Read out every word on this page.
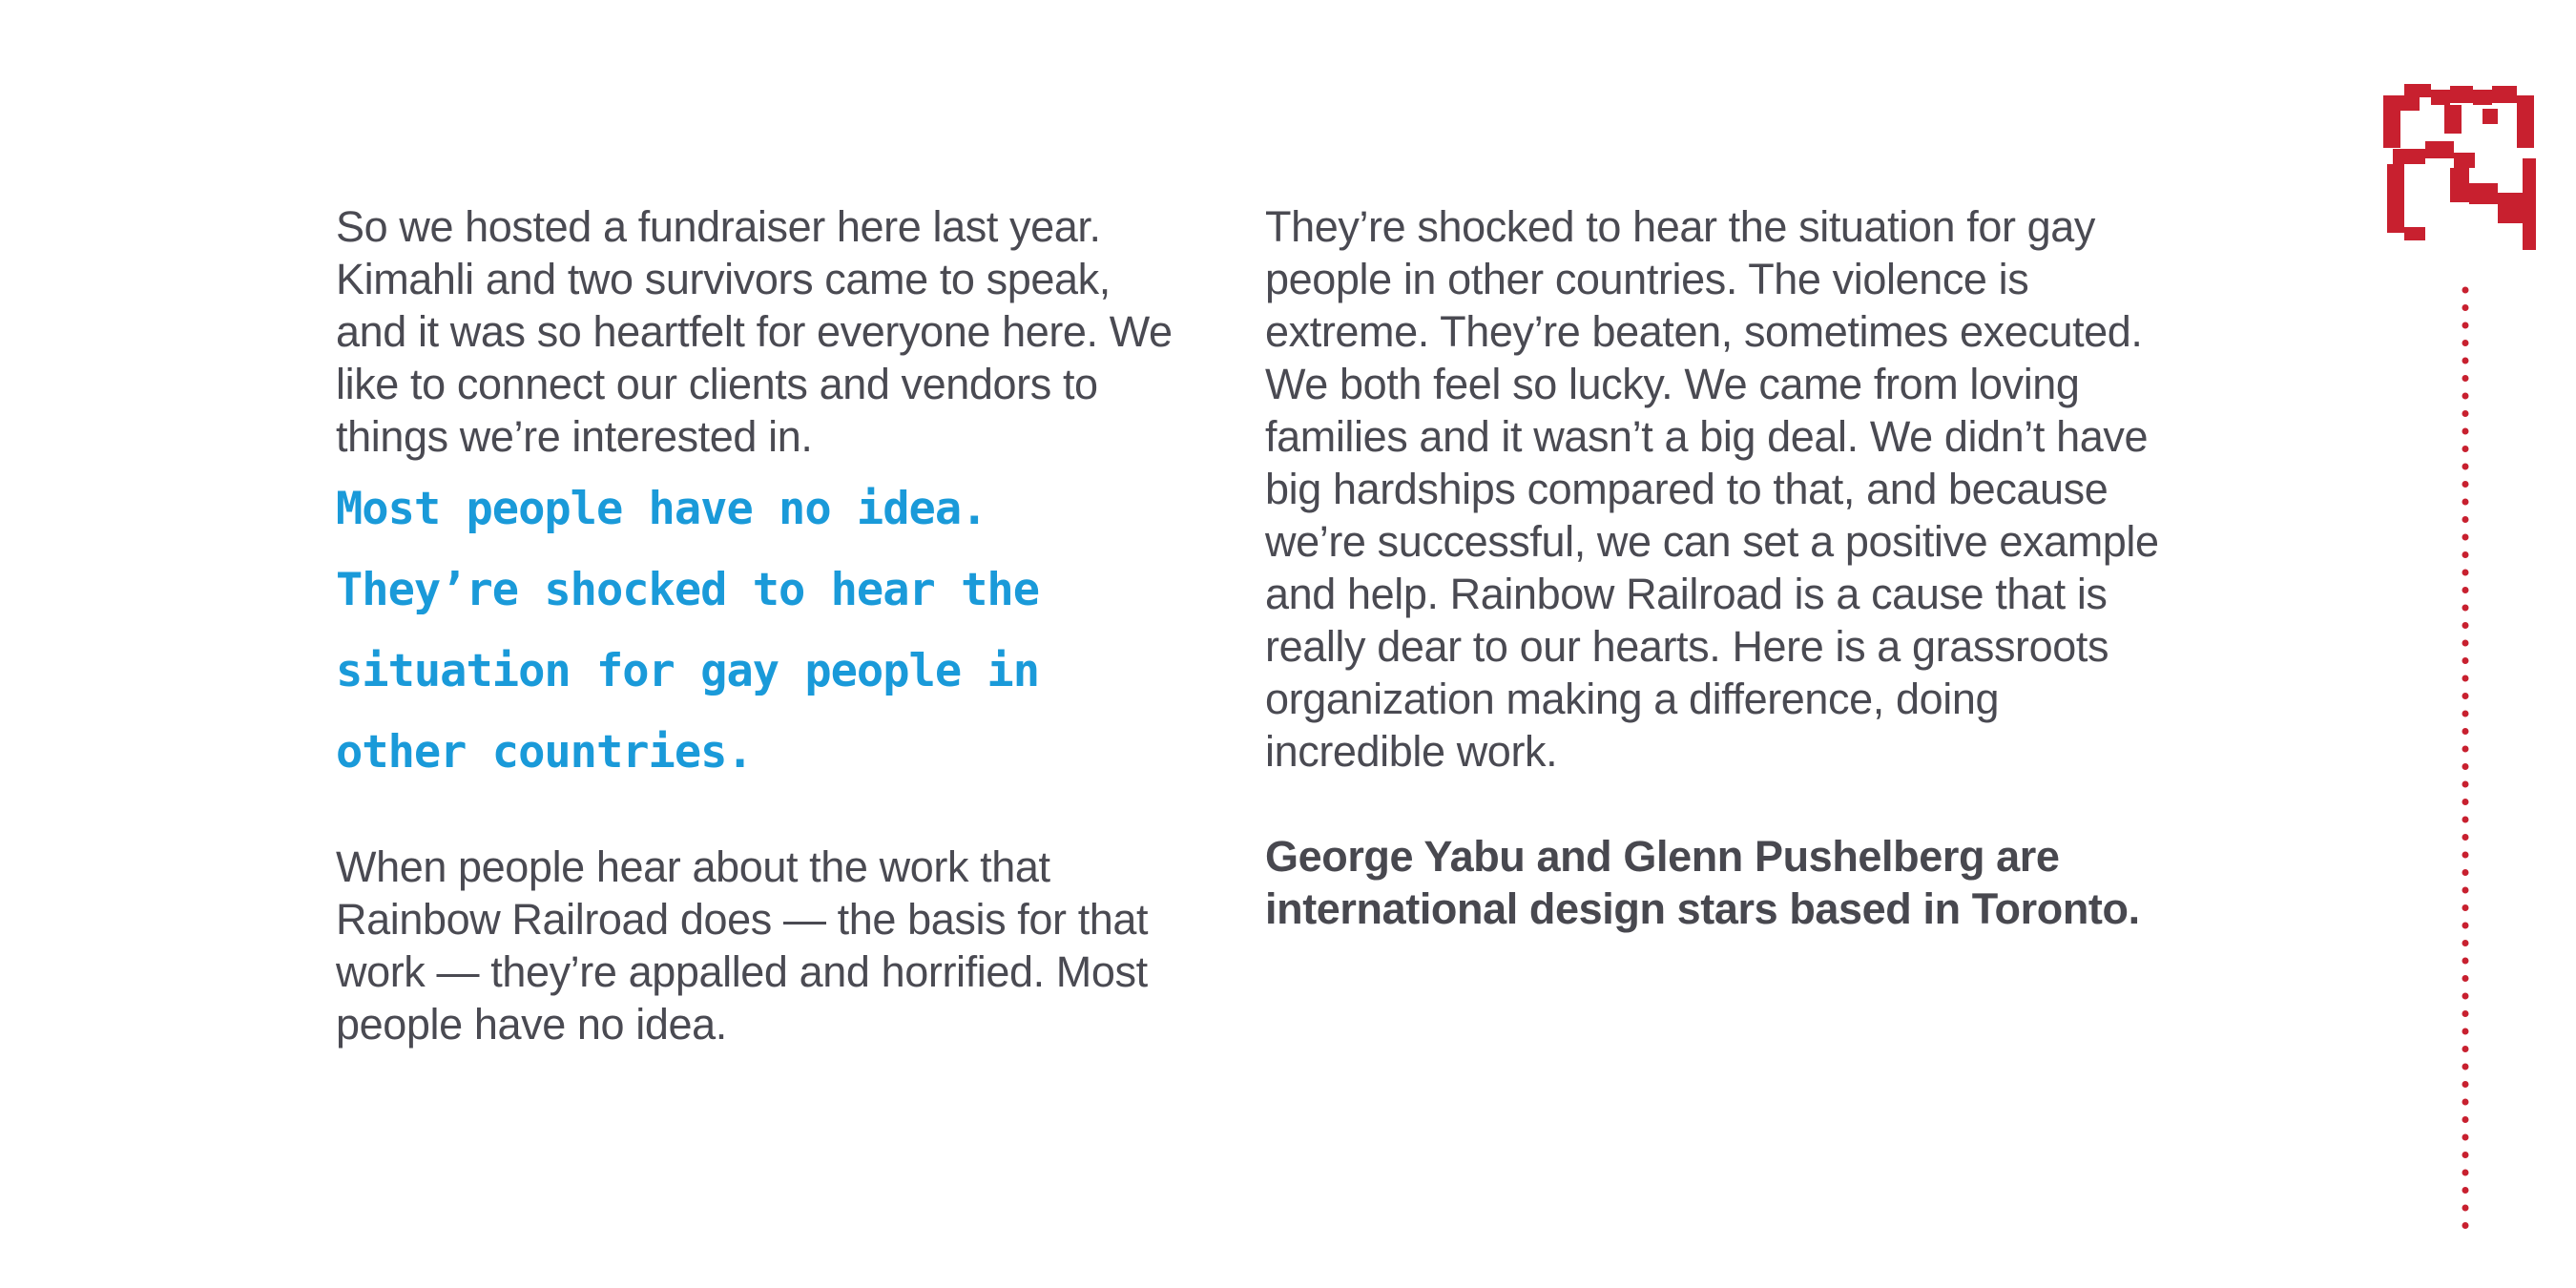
So we hosted a fundraiser here last year. Kimahli and two survivors came to speak, and it was so heartfelt for everyone here. We like to connect our clients and vendors to things we’re interested in.

Most people have no idea. They’re shocked to hear the situation for gay people in other countries.

When people hear about the work that Rainbow Railroad does — the basis for that work — they’re appalled and horrified. Most people have no idea.

They’re shocked to hear the situation for gay people in other countries. The violence is extreme. They’re beaten, sometimes executed. We both feel so lucky. We came from loving families and it wasn’t a big deal. We didn’t have big hardships compared to that, and because we’re successful, we can set a positive example and help. Rainbow Railroad is a cause that is really dear to our hearts. Here is a grassroots organization making a difference, doing incredible work.

George Yabu and Glenn Pushelberg are international design stars based in Toronto.
